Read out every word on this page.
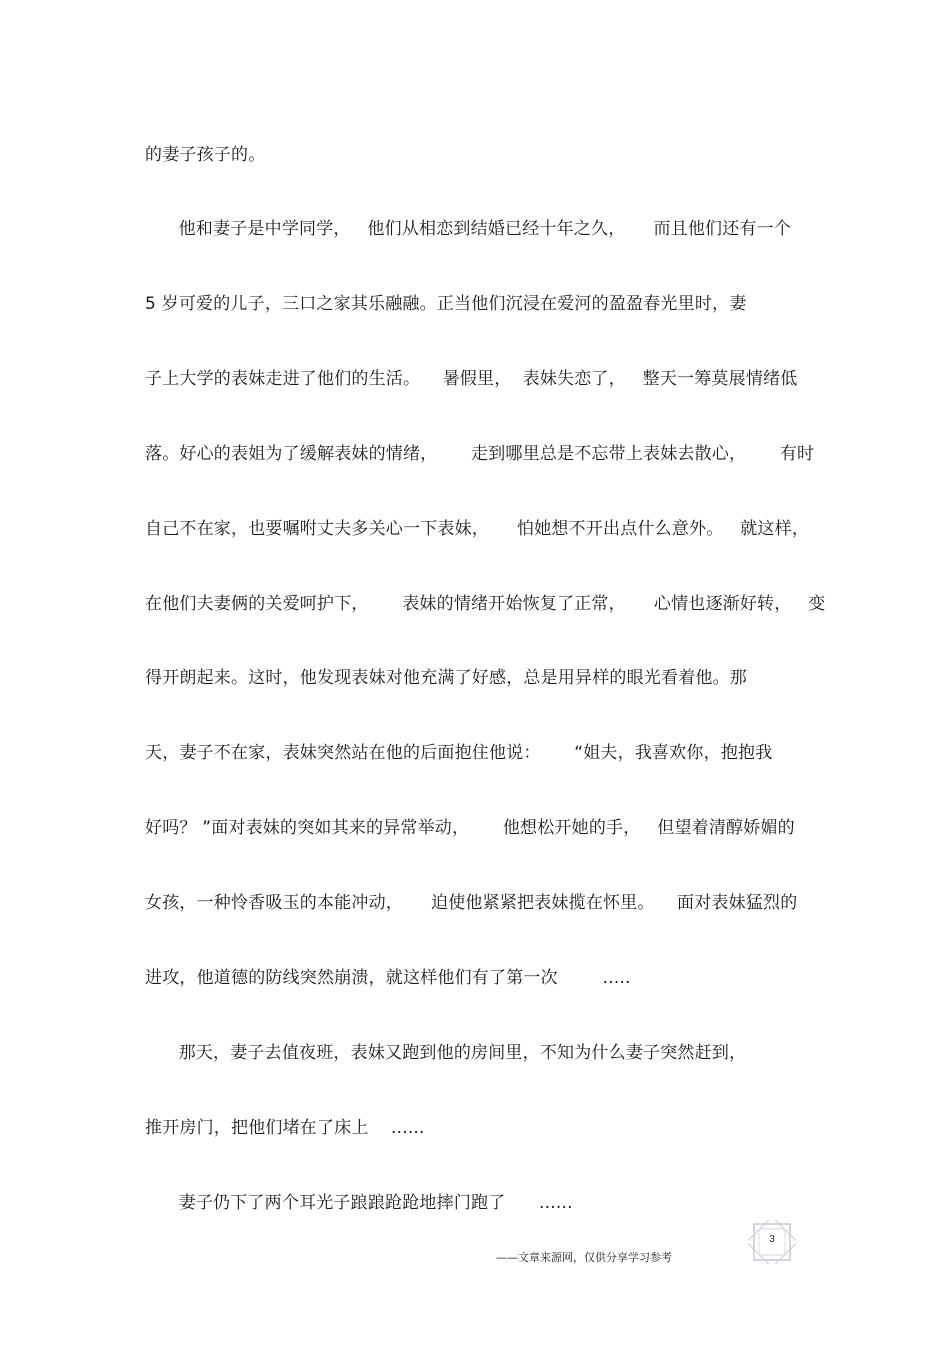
的妻子孩子的。
他和妻子是中学同学，   他们从相恋到结婚已经十年之久，     而且他们还有一个
5 岁可爱的儿子，三口之家其乐融融。正当他们沉浸在爱河的盈盈春光里时，妻
子上大学的表妹走进了他们的生活。    暑假里，  表妹失恋了，   整天一筹莫展情绪低
落。好心的表姐为了缓解表妹的情绪，      走到哪里总是不忘带上表妹去散心，      有时
自己不在家，也要嘱咐丈夫多关心一下表妹，     怕她想不开出点什么意外。   就这样，
在他们夫妻俩的关爱呵护下，      表妹的情绪开始恢复了正常，     心情也逐渐好转，   变
得开朗起来。这时，他发现表妹对他充满了好感，总是用异样的眼光看着他。那
天，妻子不在家，表妹突然站在他的后面抱住他说：      “姐夫，我喜欢你，抱抱我
好吗？ ”面对表妹的突如其来的异常举动，      他想松开她的手，   但望着清醇娇媚的
女孩，一种怜香吸玉的本能冲动，     迫使他紧紧把表妹揽在怀里。    面对表妹猛烈的
进攻，他道德的防线突然崩溃，就这样他们有了第一次        .....
那天，妻子去值夜班，表妹又跑到他的房间里，不知为什么妻子突然赶到，
推开房门，把他们堵在了床上    ......
妻子仍下了两个耳光子踉踉跄跄地摔门跑了      ......
3
——文章来源网，仅供分享学习参考
